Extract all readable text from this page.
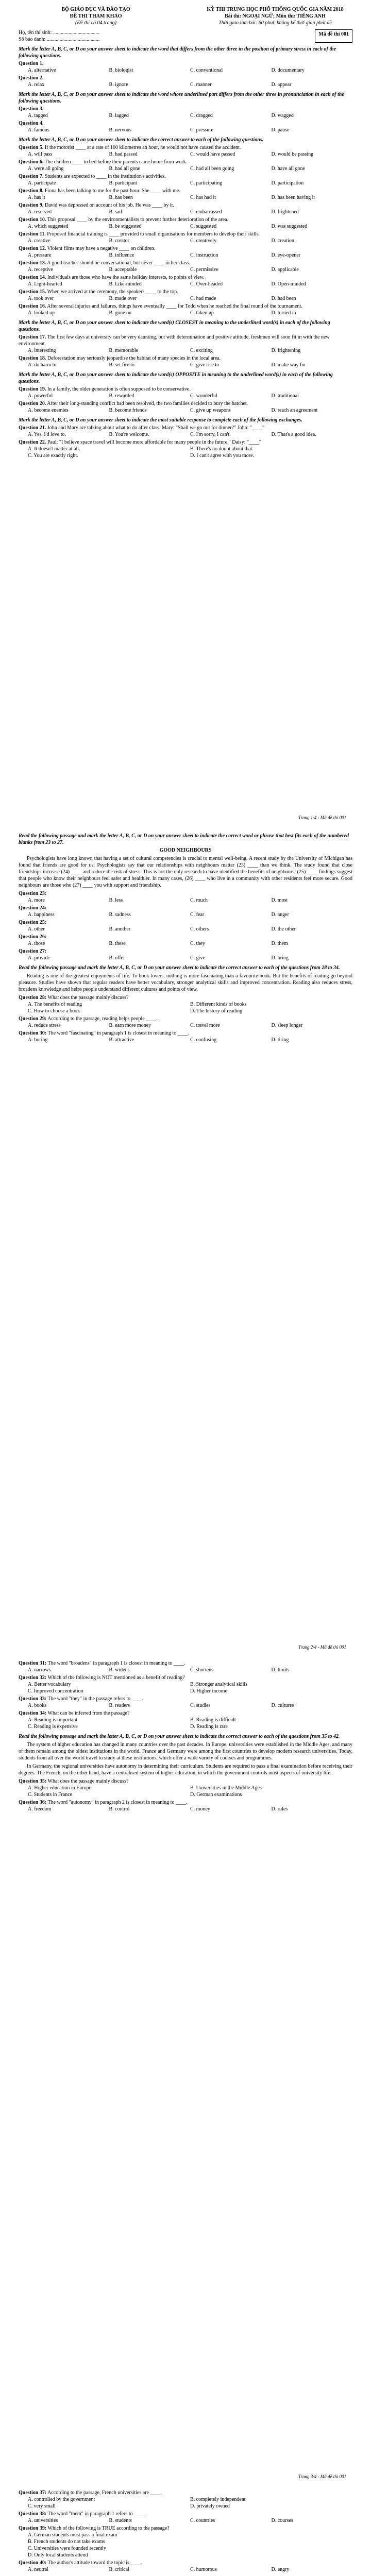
BỘ GIÁO DỤC VÀ ĐÀO TẠO
ĐỀ THI THAM KHẢO
(Đề thi có 04 trang)
KỲ THI TRUNG HỌC PHỔ THÔNG QUỐC GIA NĂM 2018
Bài thi: NGOẠI NGỮ; Môn thi: TIẾNG ANH
Thời gian làm bài: 60 phút, không kể thời gian phát đề
Họ, tên thí sinh: ....................................
Số báo danh: .........................................
Mã đề thi 001
Mark the letter A, B, C, or D on your answer sheet to indicate the word that differs from the other three in the position of primary stress in each of the following questions.
Question 1.
A. alternative	B. biologist	C. conventional	D. documentary
Question 2.
A. relax	B. ignore	C. manner	D. appear
Mark the letter A, B, C, or D on your answer sheet to indicate the word whose underlined part differs from the other three in pronunciation in each of the following questions.
Question 3.
A. tagged	B. lagged	C. dragged	D. wagged
Question 4.
A. famous	B. nervous	C. pressure	D. pause
Mark the letter A, B, C, or D on your answer sheet to indicate the correct answer to each of the following questions.
Question 5. If the motorist ____ at a rate of 100 kilometres an hour, he would not have caused the accident.
A. will pass	B. had passed	C. would have passed	D. would be passing
Question 6. The children ____ to bed before their parents came home from work.
A. were all going	B. had all gone	C. had all been going	D. have all gone
Question 7. Students are expected to ____ in the institution's activities.
A. participate	B. participant	C. participating	D. participation
Question 8. Fiona has been talking to me for the past hour. She ____ with me.
A. has it	B. has been	C. has had it	D. has been having it
Question 9. David was depressed on account of his job. He was ____ by it.
A. reserved	B. sad	C. embarrassed	D. frightened
Question 10. This proposal ____ by the environmentalists to prevent further deterioration of the area.
A. which suggested	B. be suggested	C. suggested	D. was suggested
Question 11. Proposed financial training is ____ provided to small organisations for members to develop their skills.
A. creative	B. creator	C. creatively	D. creation
Question 12. Violent films may have a negative ____ on children.
A. pressure	B. influence	C. instruction	D. eye-opener
Question 13. A good teacher should be conversational, but never ____ in her class.
A. receptive	B. acceptable	C. permissive	D. applicable
Question 14. Individuals are those who have the same holiday interests, to points of view.
A. Light-hearted	B. Like-minded	C. Over-headed	D. Open-minded
Question 15. When we arrived at the ceremony, the speakers ____ to the top.
A. took over	B. made over	C. had made	D. had been
Question 16. After several injuries and failures, things have eventually ____ for Todd when he reached the final round of the tournament.
A. looked up	B. gone on	C. taken up	D. turned in
Mark the letter A, B, C, or D on your answer sheet to indicate the word(s) CLOSEST in meaning to the underlined word(s) in each of the following questions.
Question 17. The first few days at university can be very daunting, but with determination and positive attitude, freshmen will soon fit in with the new environment.
A. interesting	B. memorable	C. exciting	D. frightening
Question 18. Deforestation may seriously jeopardise the habitat of many species in the local area.
A. do harm to	B. set fire to	C. give rise to	D. make way for
Mark the letter A, B, C, or D on your answer sheet to indicate the word(s) OPPOSITE in meaning to the underlined word(s) in each of the following questions.
Question 19. In a family, the older generation is often supposed to be conservative.
A. powerful	B. rewarded	C. wonderful	D. traditional
Question 20. After their long-standing conflict had been resolved, the two families decided to bury the hatchet.
A. become enemies	B. become friends	C. give up weapons	D. reach an agreement
Mark the letter A, B, C, or D on your answer sheet to indicate the most suitable response to complete each of the following exchanges.
Question 21. John and Mary are talking about what to do after class. Mary: "Shall we go out for dinner?" John: "____"
A. Yes, I'd love to.	B. You're welcome.	C. I'm sorry, I can't.	D. That's a good idea.
Question 22. Paul: "I believe space travel will become more affordable for many people in the future." Daisy: "____"
A. It doesn't matter at all.	B. There's no doubt about that.
C. You are exactly right.	D. I can't agree with you more.
Trang 1/4 - Mã đề thi 001
Read the following passage and mark the letter A, B, C, or D on your answer sheet to indicate the correct word or phrase that best fits each of the numbered blanks from 23 to 27.
GOOD NEIGHBOURS
Psychologists have long known that having a set of cultural competencies is crucial to mental well-being. A recent study by the University of Michigan has found that friends are good for us. Psychologists say that our relationships with neighbours matter (23) ____ than we think. The study found that close friendships increase (24) ____ and reduce the risk of stress. This is not the only research to have identified the benefits of neighbours: (25) ____ findings suggest that people who know their neighbours feel safer and healthier. In many cases, (26) ____ who live in a community with other residents feel more secure. Good neighbours are those who (27) ____ you with support and friendship.
Question 23:
A. more	B. less	C. much	D. most
Question 24:
A. happiness	B. sadness	C. fear	D. anger
Question 25:
A. other	B. another	C. others	D. the other
Question 26:
A. those	B. these	C. they	D. them
Question 27:
A. provide	B. offer	C. give	D. bring
Read the following passage and mark the letter A, B, C, or D on your answer sheet to indicate the correct answer to each of the questions from 28 to 34.
Reading is one of the greatest enjoyments of life. To book-lovers, nothing is more fascinating than a favourite book. But the benefits of reading go beyond pleasure. Studies have shown that regular readers have better vocabulary, stronger analytical skills and improved concentration. Reading also reduces stress, broadens knowledge and helps people understand different cultures and points of view.
Question 28: What does the passage mainly discuss?
A. The benefits of reading	B. Different kinds of books
C. How to choose a book	D. The history of reading
Question 29: According to the passage, reading helps people ____.
A. reduce stress	B. earn more money	C. travel more	D. sleep longer
Question 30: The word "fascinating" in paragraph 1 is closest in meaning to ____.
A. boring	B. attractive	C. confusing	D. tiring
Trang 2/4 - Mã đề thi 001
Question 31: The word "broadens" in paragraph 1 is closest in meaning to ____.
A. narrows	B. widens	C. shortens	D. limits
Question 32: Which of the following is NOT mentioned as a benefit of reading?
A. Better vocabulary	B. Stronger analytical skills
C. Improved concentration	D. Higher income
Question 33: The word "they" in the passage refers to ____.
A. books	B. readers	C. studies	D. cultures
Question 34: What can be inferred from the passage?
A. Reading is important	B. Reading is difficult
C. Reading is expensive	D. Reading is rare
Read the following passage and mark the letter A, B, C, or D on your answer sheet to indicate the correct answer to each of the questions from 35 to 42.
The system of higher education has changed in many countries over the past decades. In Europe, universities were established in the Middle Ages, and many of them remain among the oldest institutions in the world. France and Germany were among the first countries to develop modern research universities. Today, students from all over the world travel to study at these institutions, which offer a wide variety of courses and programmes.
In Germany, the regional universities have autonomy in determining their curriculum. Students are required to pass a final examination before receiving their degrees. The French, on the other hand, have a centralised system of higher education, in which the government controls most aspects of university life.
Question 35: What does the passage mainly discuss?
A. Higher education in Europe	B. Universities in the Middle Ages
C. Students in France	D. German examinations
Question 36: The word "autonomy" in paragraph 2 is closest in meaning to ____.
A. freedom	B. control	C. money	D. rules
Trang 3/4 - Mã đề thi 001
Question 37: According to the passage, French universities are ____.
A. controlled by the government	B. completely independent
C. very small	D. privately owned
Question 38: The word "them" in paragraph 1 refers to ____.
A. universities	B. students	C. countries	D. courses
Question 39: Which of the following is TRUE according to the passage?
A. German students must pass a final exam
B. French students do not take exams
C. Universities were founded recently
D. Only local students attend
Question 40: The author's attitude toward the topic is ____.
A. neutral	B. critical	C. humorous	D. angry
